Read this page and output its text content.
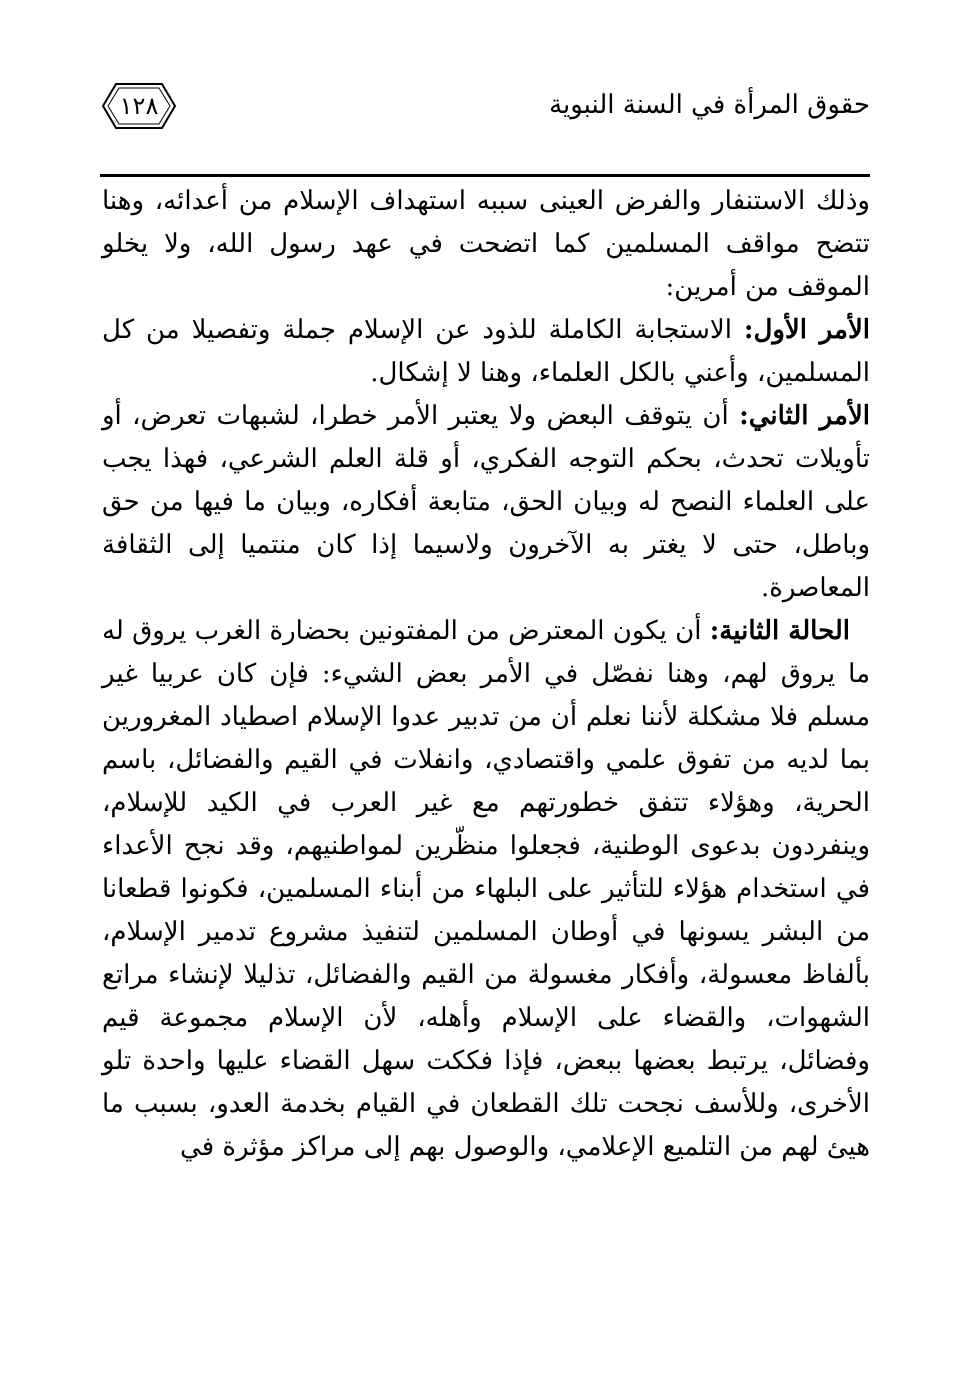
حقوق المرأة في السنة النبوية
١٢٨

وذلك الاستنفار والفرض العينى سببه استهداف الإسلام من أعدائه، وهنا تتضح مواقف المسلمين كما اتضحت في عهد رسول الله، ولا يخلو الموقف من أمرين:

الأمر الأول: الاستجابة الكاملة للذود عن الإسلام جملة وتفصيلا من كل المسلمين، وأعني بالكل العلماء، وهنا لا إشكال.

الأمر الثاني: أن يتوقف البعض ولا يعتبر الأمر خطرا، لشبهات تعرض، أو تأويلات تحدث، بحكم التوجه الفكري، أو قلة العلم الشرعي، فهذا يجب على العلماء النصح له وبيان الحق، متابعة أفكاره، وبيان ما فيها من حق وباطل، حتى لا يغتر به الآخرون ولاسيما إذا كان منتميا إلى الثقافة المعاصرة.

الحالة الثانية: أن يكون المعترض من المفتونين بحضارة الغرب يروق له ما يروق لهم، وهنا نفصّل في الأمر بعض الشيء: فإن كان عربيا غير مسلم فلا مشكلة لأننا نعلم أن من تدبير عدوا الإسلام اصطياد المغرورين بما لديه من تفوق علمي واقتصادي، وانفلات في القيم والفضائل، باسم الحرية، وهؤلاء تتفق خطورتهم مع غير العرب في الكيد للإسلام، وينفردون بدعوى الوطنية، فجعلوا منظّرين لمواطنيهم، وقد نجح الأعداء في استخدام هؤلاء للتأثير على البلهاء من أبناء المسلمين، فكونوا قطعانا من البشر يسونها في أوطان المسلمين لتنفيذ مشروع تدمير الإسلام، بألفاظ معسولة، وأفكار مغسولة من القيم والفضائل، تذليلا لإنشاء مراتع الشهوات، والقضاء على الإسلام وأهله، لأن الإسلام مجموعة قيم وفضائل، يرتبط بعضها ببعض، فإذا فككت سهل القضاء عليها واحدة تلو الأخرى، وللأسف نجحت تلك القطعان في القيام بخدمة العدو، بسبب ما هيئ لهم من التلميع الإعلامي، والوصول بهم إلى مراكز مؤثرة في
